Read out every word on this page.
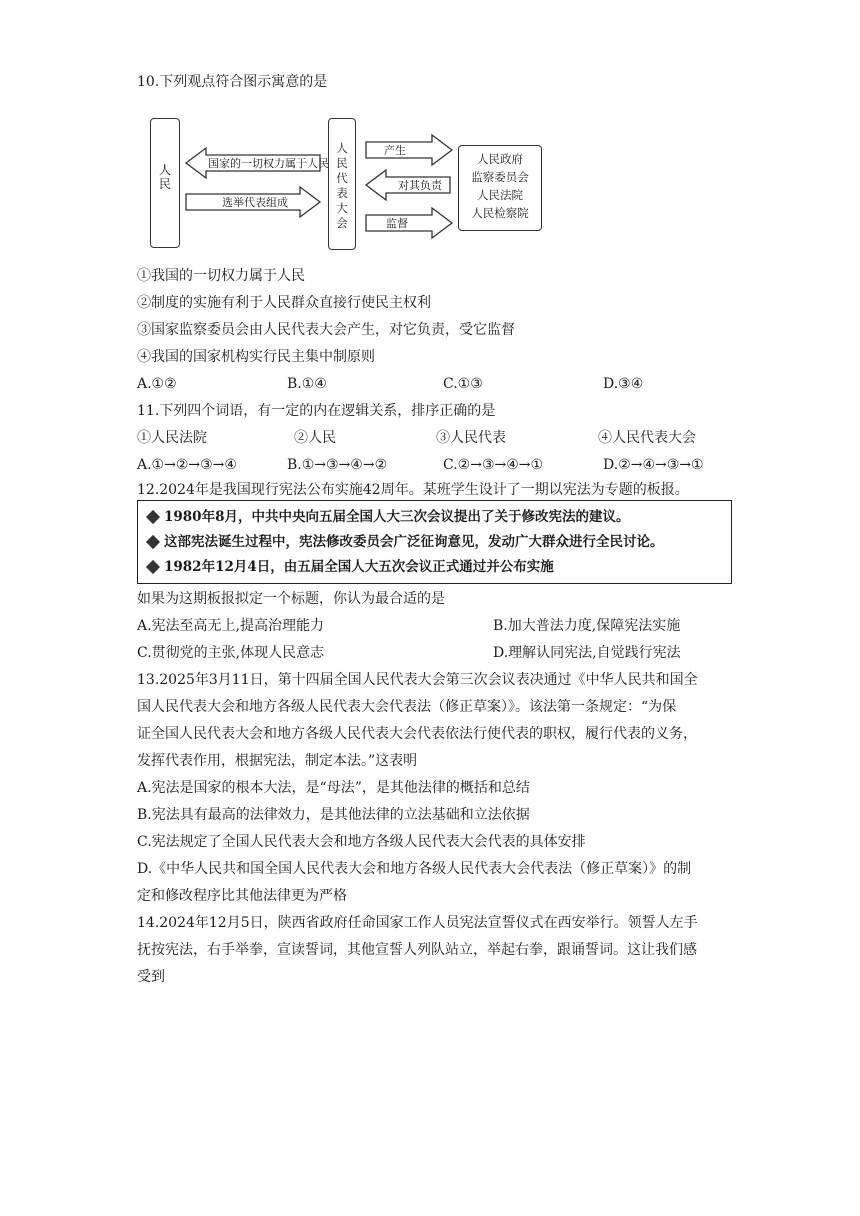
10.下列观点符合图示寓意的是
人民
人民代表大会
人民政府
监察委员会
人民法院
人民检察院
国家的一切权力属于人民
选举代表组成
产生
对其负责
监督
①我国的一切权力属于人民
②制度的实施有利于人民群众直接行使民主权利
③国家监察委员会由人民代表大会产生，对它负责，受它监督
④我国的国家机构实行民主集中制原则
A.①②	B.①④	C.①③	D.③④
11.下列四个词语，有一定的内在逻辑关系，排序正确的是
①人民法院	②人民	③人民代表	④人民代表大会
A.①→②→③→④	B.①→③→④→②	C.②→③→④→①	D.②→④→③→①
12.2024年是我国现行宪法公布实施42周年。某班学生设计了一期以宪法为专题的板报。
1980年8月，中共中央向五届全国人大三次会议提出了关于修改宪法的建议。
这部宪法诞生过程中，宪法修改委员会广泛征询意见，发动广大群众进行全民讨论。
1982年12月4日，由五届全国人大五次会议正式通过并公布实施
如果为这期板报拟定一个标题，你认为最合适的是
A.宪法至高无上,提高治理能力	B.加大普法力度,保障宪法实施
C.贯彻党的主张,体现人民意志	D.理解认同宪法,自觉践行宪法
13.2025年3月11日，第十四届全国人民代表大会第三次会议表决通过《中华人民共和国全
国人民代表大会和地方各级人民代表大会代表法（修正草案）》。该法第一条规定：“为保
证全国人民代表大会和地方各级人民代表大会代表依法行使代表的职权，履行代表的义务，
发挥代表作用，根据宪法，制定本法。”这表明
A.宪法是国家的根本大法，是“母法”，是其他法律的概括和总结
B.宪法具有最高的法律效力，是其他法律的立法基础和立法依据
C.宪法规定了全国人民代表大会和地方各级人民代表大会代表的具体安排
D.《中华人民共和国全国人民代表大会和地方各级人民代表大会代表法（修正草案）》的制
定和修改程序比其他法律更为严格
14.2024年12月5日，陕西省政府任命国家工作人员宪法宣誓仪式在西安举行。领誓人左手
抚按宪法，右手举拳，宣读誓词，其他宣誓人列队站立，举起右拳，跟诵誓词。这让我们感
受到
